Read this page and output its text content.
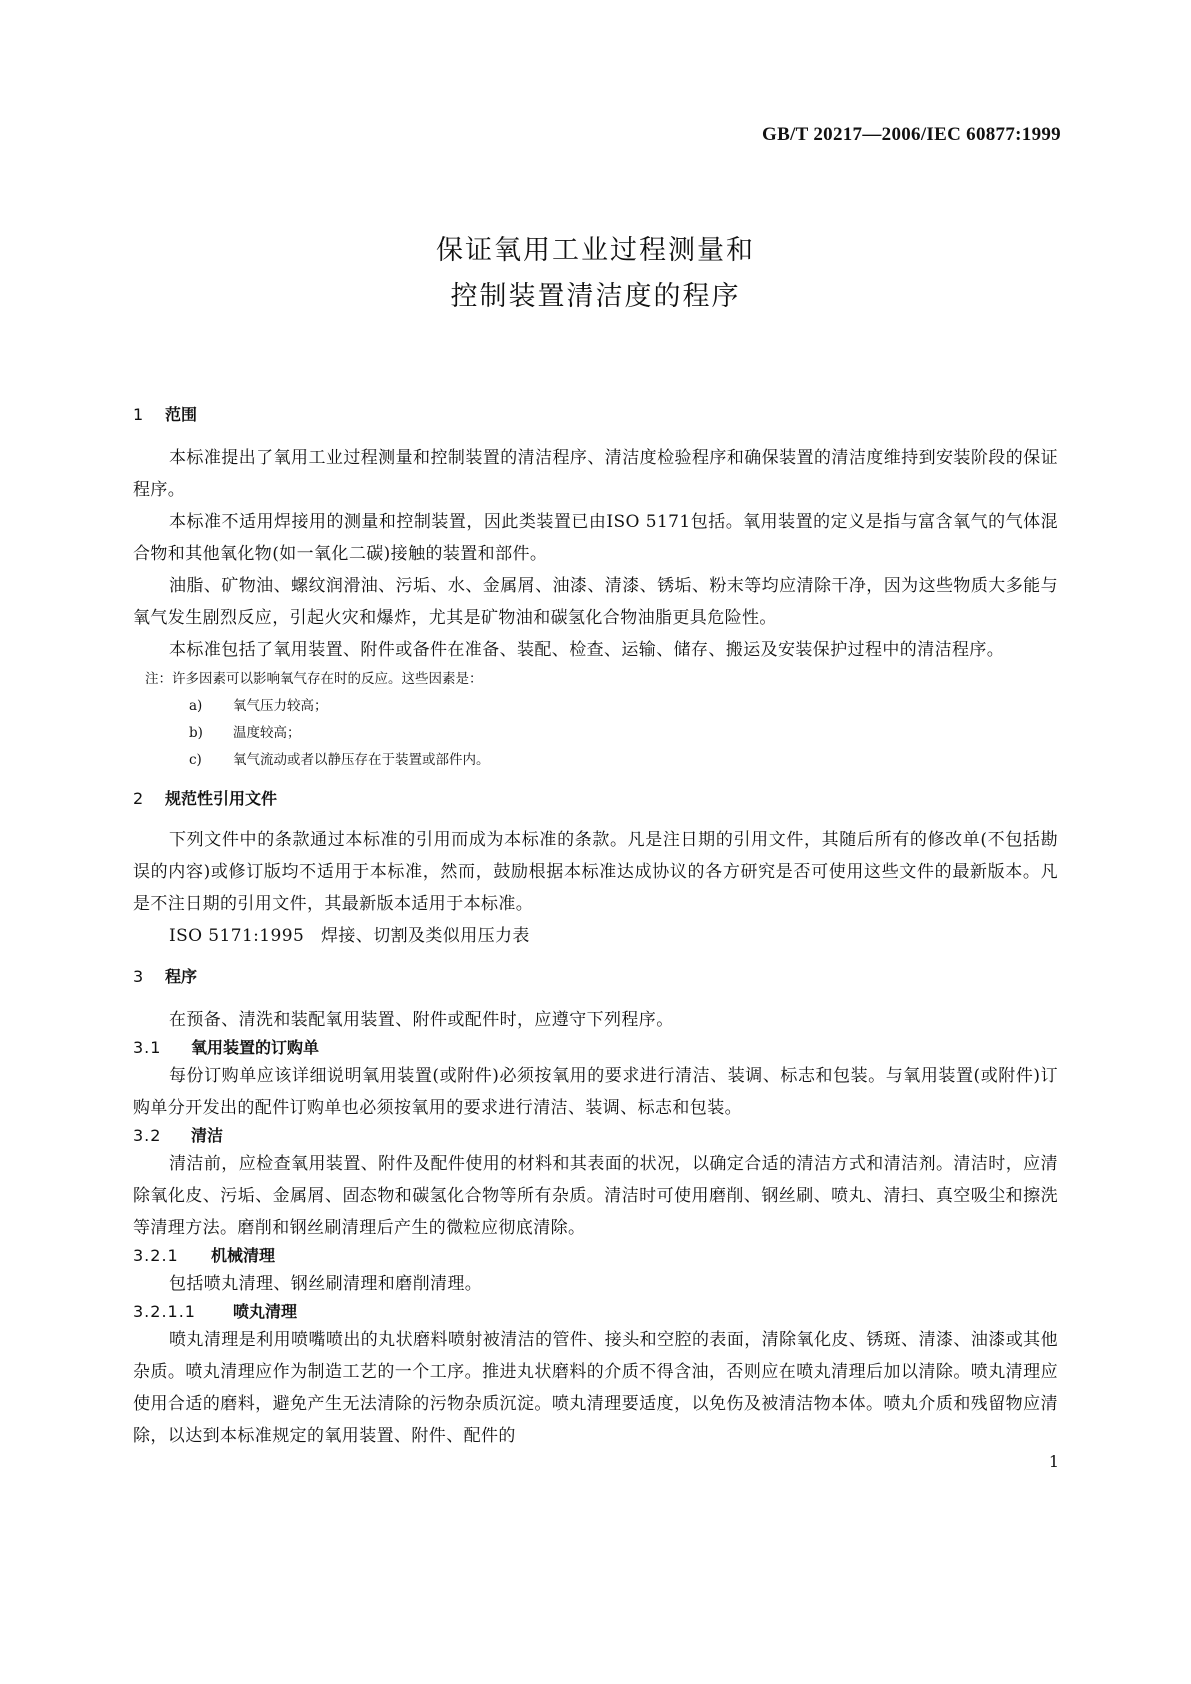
GB/T 20217—2006/IEC 60877:1999
保证氧用工业过程测量和
控制装置清洁度的程序
1 范围
本标准提出了氧用工业过程测量和控制装置的清洁程序、清洁度检验程序和确保装置的清洁度维持到安装阶段的保证程序。
本标准不适用焊接用的测量和控制装置，因此类装置已由ISO 5171包括。氧用装置的定义是指与富含氧气的气体混合物和其他氧化物(如一氧化二碳)接触的装置和部件。
油脂、矿物油、螺纹润滑油、污垢、水、金属屑、油漆、清漆、锈垢、粉末等均应清除干净，因为这些物质大多能与氧气发生剧烈反应，引起火灾和爆炸，尤其是矿物油和碳氢化合物油脂更具危险性。
本标准包括了氧用装置、附件或备件在准备、装配、检查、运输、储存、搬运及安装保护过程中的清洁程序。
注：许多因素可以影响氧气存在时的反应。这些因素是：
a) 氧气压力较高；
b) 温度较高；
c) 氧气流动或者以静压存在于装置或部件内。
2 规范性引用文件
下列文件中的条款通过本标准的引用而成为本标准的条款。凡是注日期的引用文件，其随后所有的修改单(不包括勘误的内容)或修订版均不适用于本标准，然而，鼓励根据本标准达成协议的各方研究是否可使用这些文件的最新版本。凡是不注日期的引用文件，其最新版本适用于本标准。
ISO 5171:1995 焊接、切割及类似用压力表
3 程序
在预备、清洗和装配氧用装置、附件或配件时，应遵守下列程序。
3.1 氧用装置的订购单
每份订购单应该详细说明氧用装置(或附件)必须按氧用的要求进行清洁、装调、标志和包装。与氧用装置(或附件)订购单分开发出的配件订购单也必须按氧用的要求进行清洁、装调、标志和包装。
3.2 清洁
清洁前，应检查氧用装置、附件及配件使用的材料和其表面的状况，以确定合适的清洁方式和清洁剂。清洁时，应清除氧化皮、污垢、金属屑、固态物和碳氢化合物等所有杂质。清洁时可使用磨削、钢丝刷、喷丸、清扫、真空吸尘和擦洗等清理方法。磨削和钢丝刷清理后产生的微粒应彻底清除。
3.2.1 机械清理
包括喷丸清理、钢丝刷清理和磨削清理。
3.2.1.1 喷丸清理
喷丸清理是利用喷嘴喷出的丸状磨料喷射被清洁的管件、接头和空腔的表面，清除氧化皮、锈斑、清漆、油漆或其他杂质。喷丸清理应作为制造工艺的一个工序。推进丸状磨料的介质不得含油，否则应在喷丸清理后加以清除。喷丸清理应使用合适的磨料，避免产生无法清除的污物杂质沉淀。喷丸清理要适度，以免伤及被清洁物本体。喷丸介质和残留物应清除，以达到本标准规定的氧用装置、附件、配件的
1
